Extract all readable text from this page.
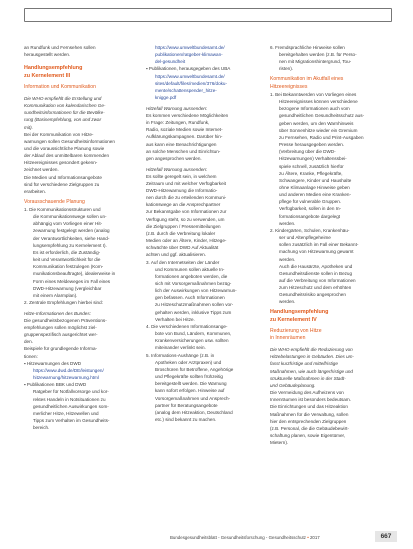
an Rundfunk und Fernsehen sollen

herausgestellt werden.

Handlungsempfehlung

zu Kernelement III

Information und Kommunikation

Die WHO empfiehlt die Erstellung und

Kommunikation von kalendarischen Ge-

sundheitsinformationen für die Bevölke-

rung (Basisempfehlung, von und zwar

mit).

Bei der Kommunikation von Hitze-

warnungen sollen Gesundheitsinformationen

und die voraussichtliche Planung sowie

der Ablauf des unmittelbaren kommenden

Hitzeereignisses gesondert gekenn-

zeichnet werden.

Die Medien und Informationsangebote

sind für verschiedene Zielgruppen zu

erarbeiten.

Vorausschauende Planung

1. Die Kommunikationsstrukturen und

die Kommunikationswege sollen un-

abhängig vom Vorliegen einer Hit-

zewarnung festgelegt werden (analog

der Verantwortlichkeiten, siehe Hand-

lungsempfehlung zu Kernelement I).

Es ist erforderlich, die Zuständig-

keit und Verantwortlichkeit für die

Kommunikation festzulegen (Kom-

munikationsbeauftragte), idealerweise in

Form eines Meldeweges im Fall eines

DWD-Hitzewarnung (vergleichbar

mit einem Alarmplan).

2. Zentrale Empfehlungen hierbei sind:

Hitze-Informationen des Bundes:

Die gesundheitsbezogenen Präventions-

empfehlungen sollen möglichst ziel-

gruppenspezifisch ausgerichtet wer-

den.

Beispiele für grundlegende Informa-

tionen:

▪ Hitzewarnungen des DWD

https://www.dwd.de/DE/leistungen/

hitzewarnung/hitzewarnung.html

▪ Publikationen BBK und DWD

Ratgeber für Notfallvorsorge und kor-

rektes Handeln in Notsituationen zu

gesundheitlichen Auswirkungen som-

merlicher Hitze, Hitzewellen und

Tipps zum Verhalten im Gesundheits-

bereich.

https://www.umweltbundesamt.de/

publikationen/ratgeber-klimawan-

del-gesundheit

▪ Publikationen, herausgegeben des UBA

https://www.umweltbundesamt.de/

sites/default/files/medien/376/doku-

mente/schattenspender_hitze-

knigge.pdf

Hitzefall Warnung aussenden:

Es kommen verschiedene Möglichkeiten

in Frage: Zeitungen, Rundfunk,

Radio, soziale Medien sowie Internet-

Aufklärungskampagnen. Darüber hin-

aus kann eine Benachrichtigungen

an solche Menschen und Einrichtun-

gen angesprochen werden.

Hitzefall Warnung aussenden:

Es sollte geregelt sein, in welchem

Zeitraum und mit welcher Verfügbarkeit

DWD-Hitzewarnung die Informatio-

nen durch die zu erteilenden Kommuni-

kationswege an die Ansprechpartner

zur Bekanntgabe von Informationen zur

Verfügung steht, so zu verwenden, um

die Zielgruppen / Pressemitteilungen

(z.B. durch die Verbreitung lokaler

Medien oder an Ältere, Kinder, Hitzege-

schwächte über DWD Auf Aktualität

achten und ggf. aktualisieren.

3. Auf den Internetseiten der Länder

und Kommunen sollen aktuelle In-

formationen angeboten werden, die

sich mit Vorsorgemaßnahmen bezüg-

lich der Auswirkungen von Hitzewarnun-

gen befassen. Auch Informationen

zu Hitzeschutzmaßnahmen sollen vor-

gehalten werden, inklusive Tipps zum

Verhalten bei Hitze.

4. Die verschiedenen Informationsange-

bote von Bund, Ländern, Kommunen,

Krankenversicherungen usw. sollten

miteinander verlinkt sein.

5. Informations-Aushänge (z.B. in

Apotheken oder Arztpraxen) und

Broschüren für Betroffene, Angehörige

und Pflegekräfte sollten frühzeitig

bereitgestellt werden. Die Warnung

kann sofort erfolgen. Hinweise auf

Vorsorgemaßnahmen und Ansprech-

partner für Beratungsangebote

(analog dem Hitzeaktion, Deutschland

etc.) sind bekannt zu machen.

6. Fremdsprachliche Hinweise sollen

bereitgehalten werden (z.B. für Perso-

nen mit Migrationshintergrund, Tou-

risten).

Kommunikation im Akutfall eines

Hitzeereignisses

1. Bei Bekanntwerden von Vorliegen eines

Hitzeereignisses können verschiedene

bezogene Informationen auch vom

gesundheitlichen Gesundheitsschutz aus-

geben werden, um den Warnhinweis

über Sonnenhitze wieder ein Gremium

zu Fernsehen, Radio und Print-Ausgaben

Presse herausgegeben werden.

(Verbreitung über die DWD-

Hitzewarnungen) Verhaltenssbei-

spiele schnell, zusätzlich hierfür

zu Ältere, Kranke, Pflegekräfte,

Schwangere, Kinder und Haushalte

ohne Klimaanlage Hinweise geben

und anderen Medien eine Kranken-

pflege für vulnerable Gruppen.

Verfügbarkeit, sollen in den In-

formationsangebote dargelegt

werden.

2. Kindergärten, Schulen, Krankenhäu-

ser und Altenpflegeheime

sollen zusätzlich im Fall einer Bekannt-

machung von Hitzewarnung gewarnt

werden.

Auch die Hausärzte, Apotheken und

Gesundheitsdienste sollen in Bezug

auf die Verbreitung von Informationen

zum Hitzeschutz und dem erhöhten

Gesundheitsrisiko angesprochen

werden.

Handlungsempfehlung

zu Kernelement IV

Reduzierung von Hitze

in Innenräumen

Die WHO empfiehlt die Reduzierung von

Hitzebelastungen in Gebäuden. Dies um-

fasst kurzfristige und mittelfristige

Maßnahmen, wie auch längerfristige und

strukturelle Maßnahmen in der Stadt-

und Gebäudeplanung.

Die Vermeidung des Aufheizens von

Innenräumen ist besonders bedeutsam.

Die Einrichtungen und das Hitzeaktion

Maßnahmen für die Verwaltung, sollen

hier den entsprechenden Zielgruppen

(z.B. Personal, die die Gebäudebewirt-

schaftung planen, sowie Eigentümer,

Mietern).

Bundesgesundheitsblatt - Gesundheitsforschung - Gesundheitsschutz • 2017	667
